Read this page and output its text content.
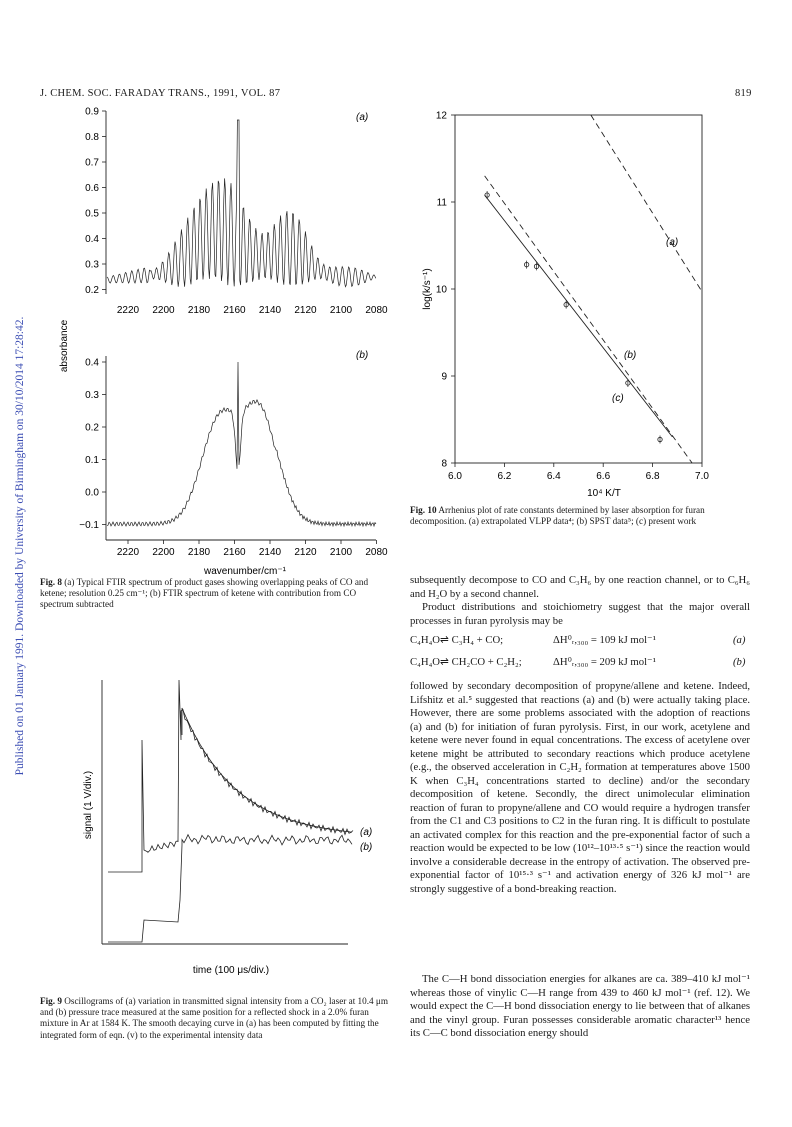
Published on 01 January 1991. Downloaded by University of Birmingham on 30/10/2014 17:28:42.
J. CHEM. SOC. FARADAY TRANS., 1991, VOL. 87	819
0.9
0.8
0.7
0.6
0.5
0.4
0.3
0.2
2220 2200 2180 2160 2140 2120 2100 2080
(a)
absorbance 0.4
0.3
0.2
0.1
0.0
−0.1
2220 2200 2180 2160 2140 2120 2100 2080
(b)
wavenumber/cm⁻¹
Fig. 8 (a) Typical FTIR spectrum of product gases showing overlapping peaks of CO and ketene; resolution 0.25 cm⁻¹; (b) FTIR spectrum of ketene with contribution from CO spectrum subtracted
signal (1 V/div.)	(a)
(b)
time (100 μs/div.)
Fig. 9 Oscillograms of (a) variation in transmitted signal intensity from a CO₂ laser at 10.4 μm and (b) pressure trace measured at the same position for a reflected shock in a 2.0% furan mixture in Ar at 1584 K. The smooth decaying curve in (a) has been computed by fitting the integrated form of eqn. (v) to the experimental intensity data
12
11
10
9
8
6.0	6.2	6.4	6.6	6.8	7.0
log(k/s⁻¹)
10⁴ K/T
(a)
(b)
(c)
Fig. 10 Arrhenius plot of rate constants determined by laser absorption for furan decomposition. (a) extrapolated VLPP data⁴; (b) SPST data⁵; (c) present work
subsequently decompose to CO and C₃H₆ by one reaction channel, or to C₆H₆ and H₂O by a second channel.
Product distributions and stoichiometry suggest that the major overall processes in furan pyrolysis may be
C₄H₄O⇌ C₃H₄ + CO;	ΔH⁰ᵣ,₃₀₀ = 109 kJ mol⁻¹	(a)
C₄H₄O⇌ CH₂CO + C₂H₂;	ΔH⁰ᵣ,₃₀₀ = 209 kJ mol⁻¹	(b)
followed by secondary decomposition of propyne/allene and ketene. Indeed, Lifshitz et al.⁵ suggested that reactions (a) and (b) were actually taking place. However, there are some problems associated with the adoption of reactions (a) and (b) for initiation of furan pyrolysis. First, in our work, acetylene and ketene were never found in equal concentrations. The excess of acetylene over ketene might be attributed to secondary reactions which produce acetylene (e.g., the observed acceleration in C₂H₂ formation at temperatures above 1500 K when C₃H₄ concentrations started to decline) and/or the secondary decomposition of ketene. Secondly, the direct unimolecular elimination reaction of furan to propyne/allene and CO would require a hydrogen transfer from the C1 and C3 positions to C2 in the furan ring. It is difficult to postulate an activated complex for this reaction and the pre-exponential factor of such a reaction would be expected to be low (10¹²–10¹³·⁵ s⁻¹) since the reaction would involve a considerable decrease in the entropy of activation. The observed pre-exponential factor of 10¹⁵·³ s⁻¹ and activation energy of 326 kJ mol⁻¹ are strongly suggestive of a bond-breaking reaction.
The C—H bond dissociation energies for alkanes are ca. 389–410 kJ mol⁻¹ whereas those of vinylic C—H range from 439 to 460 kJ mol⁻¹ (ref. 12). We would expect the C—H bond dissociation energy to lie between that of alkanes and the vinyl group. Furan possesses considerable aromatic character¹³ hence its C—C bond dissociation energy should
